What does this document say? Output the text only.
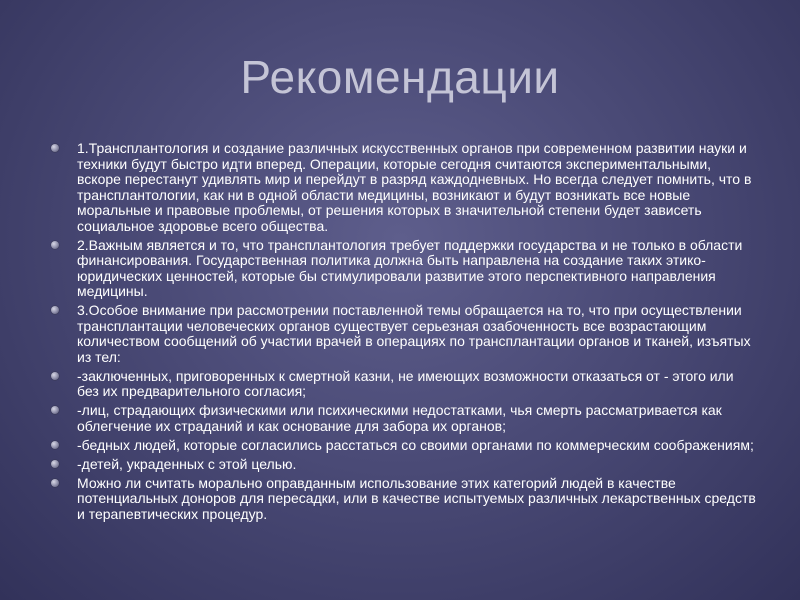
Рекомендации
1.Трансплантология и создание различных искусственных органов при современном развитии науки и техники будут быстро идти вперед. Операции, которые сегодня считаются экспериментальными, вскоре перестанут удивлять мир и перейдут в разряд каждодневных. Но всегда следует помнить, что в трансплантологии, как ни в одной области медицины, возникают и будут возникать все новые моральные и правовые проблемы, от решения которых в значительной степени будет зависеть социальное здоровье всего общества.
2.Важным является и то, что трансплантология требует поддержки государства и не только в области финансирования. Государственная политика должна быть направлена на создание таких этико-юридических ценностей, которые бы стимулировали развитие этого перспективного направления медицины.
3.Особое внимание при рассмотрении поставленной темы обращается на то, что при осуществлении трансплантации человеческих органов существует серьезная озабоченность все возрастающим количеством сообщений об участии врачей в операциях по трансплантации органов и тканей, изъятых из тел:
-заключенных, приговоренных к смертной казни, не имеющих возможности отказаться от - этого или без их предварительного согласия;
-лиц, страдающих физическими или психическими недостатками, чья смерть рассматривается как облегчение их страданий и как основание для забора их органов;
-бедных людей, которые согласились расстаться со своими органами по коммерческим соображениям;
-детей, украденных с этой целью.
Можно ли считать морально оправданным использование этих категорий людей в качестве потенциальных доноров для пересадки, или в качестве испытуемых различных лекарственных средств и терапевтических процедур.
